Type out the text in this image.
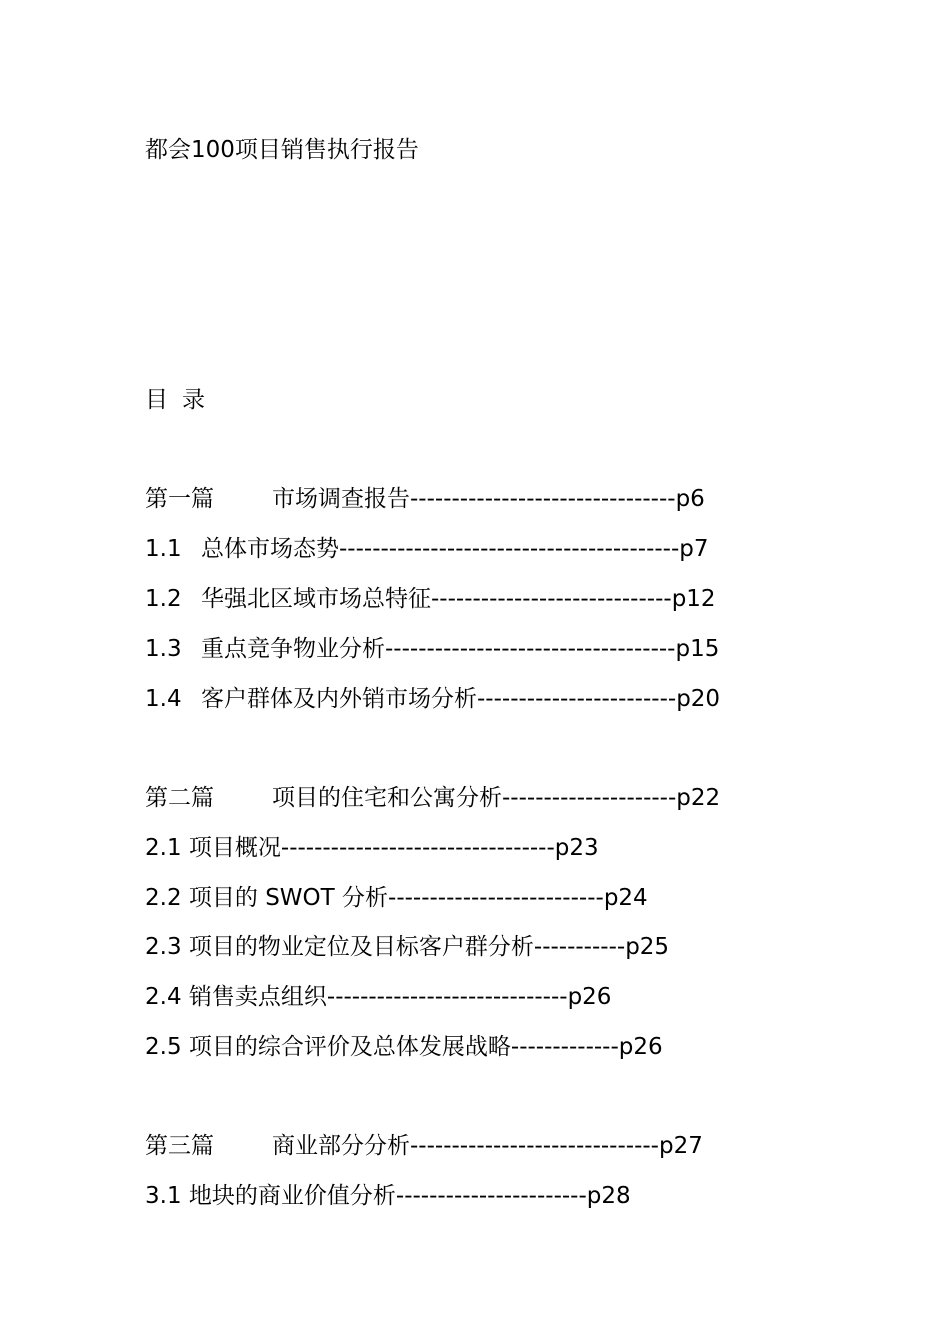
都会100项目销售执行报告
目 录
第一篇	市场调查报告--------------------------------p6
1.1 总体市场态势-----------------------------------------p7
1.2 华强北区域市场总特征-----------------------------p12
1.3 重点竞争物业分析-----------------------------------p15
1.4 客户群体及内外销市场分析------------------------p20
第二篇	项目的住宅和公寓分析---------------------p22
2.1 项目概况---------------------------------p23
2.2 项目的 SWOT 分析--------------------------p24
2.3 项目的物业定位及目标客户群分析-----------p25
2.4 销售卖点组织-----------------------------p26
2.5 项目的综合评价及总体发展战略-------------p26
第三篇	商业部分分析------------------------------p27
3.1 地块的商业价值分析-----------------------p28
